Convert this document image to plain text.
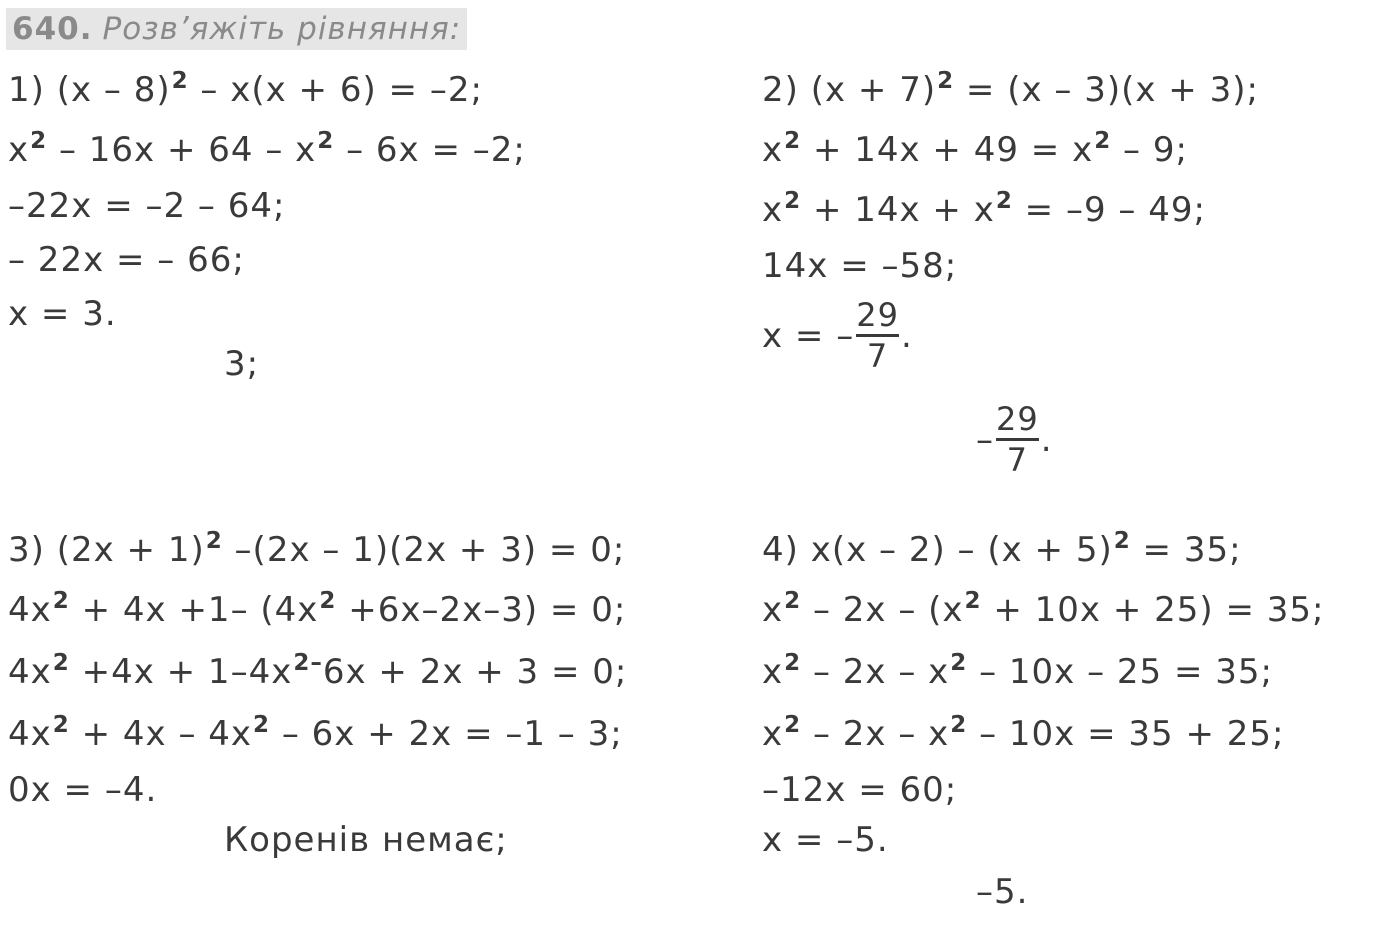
640. Розв’яжіть рівняння:
1) (x – 8)$^2$ – x(x + 6) = –2;
$x^2 - 16x + 64 - x^2 - 6x = -2$;
–22x = –2 – 64;
– 22x = – 66;
x = 3.
3;
2) $(x + 7)^2 = (x - 3)(x + 3)$;
$x^2 + 14x + 49 = x^2 - 9$;
$x^2 + 14x + x^2 = -9 - 49$;
14x = –58;
x = – $\frac{29}{7}$ .
– $\frac{29}{7}$ .
3) $(2x + 1)^2$ –(2x – 1)(2x + 3) = 0;
$4x^2 + 4x +1-$ $(4x^2 +6x-2x-3) = 0$;
$4x^2 +4x + 1-4x^{2-}6x + 2x + 3 = 0$;
$4x^2 + 4x - 4x^2 - 6x + 2x = -1 - 3$;
0x = –4.
Коренів немає;
4) $x(x - 2) - (x + 5)^2 = 35$;
$x^2 - 2x - (x^2 + 10x + 25) = 35$;
$x^2 - 2x - x^2 - 10x - 25 = 35$;
$x^2 - 2x - x^2 - 10x = 35 + 25$;
–12x = 60;
x = –5.
–5.
